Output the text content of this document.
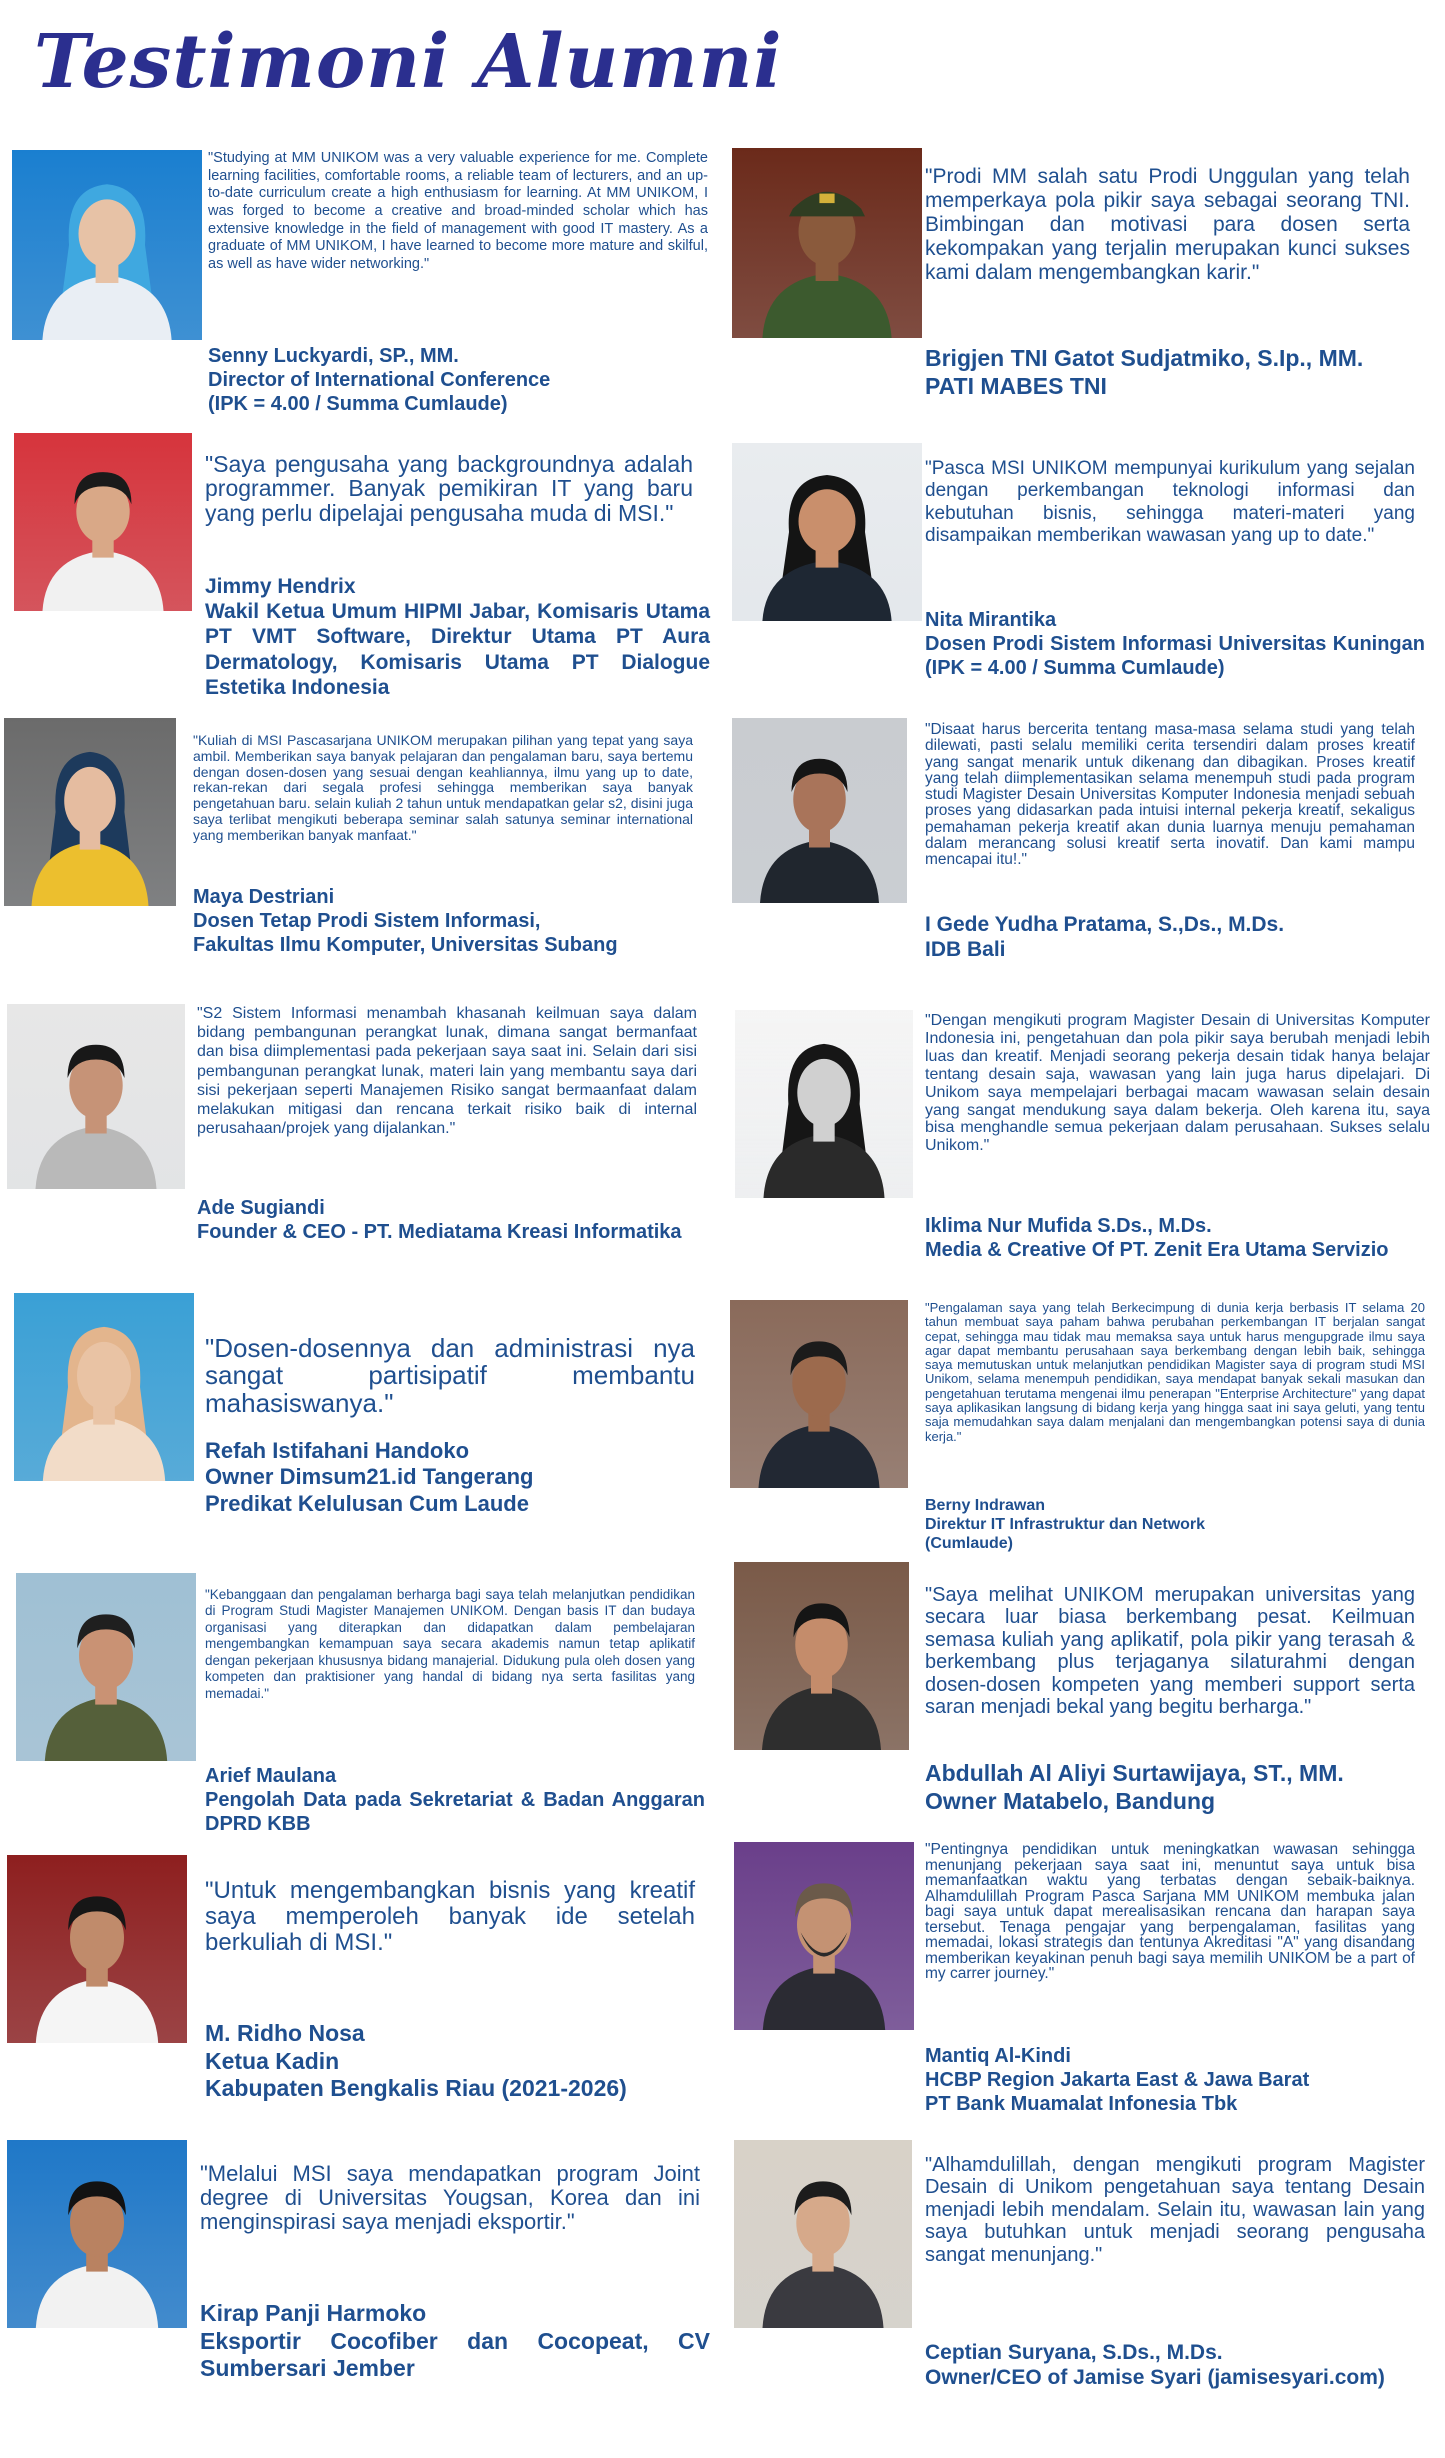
Testimoni Alumni

"Studying at MM UNIKOM was a very valuable experience for me. Complete learning facilities, comfortable rooms, a reliable team of lecturers, and an up-to-date curriculum create a high enthusiasm for learning. At MM UNIKOM, I was forged to become a creative and broad-minded scholar which has extensive knowledge in the field of management with good IT mastery. As a graduate of MM UNIKOM, I have learned to become more mature and skilful, as well as have wider networking."

Senny Luckyardi, SP., MM.
Director of International Conference
(IPK = 4.00 / Summa Cumlaude)

"Prodi MM salah satu Prodi Unggulan yang telah memperkaya pola pikir saya sebagai seorang TNI. Bimbingan dan motivasi para dosen serta kekompakan yang terjalin merupakan kunci sukses kami dalam mengembangkan karir."

Brigjen TNI Gatot Sudjatmiko, S.Ip., MM.
PATI MABES TNI

"Saya pengusaha yang backgroundnya adalah programmer. Banyak pemikiran IT yang baru yang perlu dipelajai pengusaha muda di MSI."

Jimmy Hendrix
Wakil Ketua Umum HIPMI Jabar, Komisaris Utama PT VMT Software, Direktur Utama PT Aura Dermatology, Komisaris Utama PT Dialogue Estetika Indonesia

"Pasca MSI UNIKOM mempunyai kurikulum yang sejalan dengan perkembangan teknologi informasi dan kebutuhan bisnis, sehingga materi-materi yang disampaikan memberikan wawasan yang up to date."

Nita Mirantika
Dosen Prodi Sistem Informasi Universitas Kuningan (IPK = 4.00 / Summa Cumlaude)

"Kuliah di MSI Pascasarjana UNIKOM merupakan pilihan yang tepat yang saya ambil. Memberikan saya banyak pelajaran dan pengalaman baru, saya bertemu dengan dosen-dosen yang sesuai dengan keahliannya, ilmu yang up to date, rekan-rekan dari segala profesi sehingga memberikan saya banyak pengetahuan baru. selain kuliah 2 tahun untuk mendapatkan gelar s2, disini juga saya terlibat mengikuti beberapa seminar salah satunya seminar international yang memberikan banyak manfaat."

Maya Destriani
Dosen Tetap Prodi Sistem Informasi,
Fakultas Ilmu Komputer, Universitas Subang

"Disaat harus bercerita tentang masa-masa selama studi yang telah dilewati, pasti selalu memiliki cerita tersendiri dalam proses kreatif yang sangat menarik untuk dikenang dan dibagikan. Proses kreatif yang telah diimplementasikan selama menempuh studi pada program studi Magister Desain Universitas Komputer Indonesia menjadi sebuah proses yang didasarkan pada intuisi internal pekerja kreatif, sekaligus pemahaman pekerja kreatif akan dunia luarnya menuju pemahaman dalam merancang solusi kreatif serta inovatif. Dan kami mampu mencapai itu!."

I Gede Yudha Pratama, S.,Ds., M.Ds.
IDB Bali

"S2 Sistem Informasi menambah khasanah keilmuan saya dalam bidang pembangunan perangkat lunak, dimana sangat bermanfaat dan bisa diimplementasi pada pekerjaan saya saat ini. Selain dari sisi pembangunan perangkat lunak, materi lain yang membantu saya dari sisi pekerjaan seperti Manajemen Risiko sangat bermaanfaat dalam melakukan mitigasi dan rencana terkait risiko baik di internal perusahaan/projek yang dijalankan."

Ade Sugiandi
Founder & CEO - PT. Mediatama Kreasi Informatika

"Dengan mengikuti program Magister Desain di Universitas Komputer Indonesia ini, pengetahuan dan pola pikir saya berubah menjadi lebih luas dan kreatif. Menjadi seorang pekerja desain tidak hanya belajar tentang desain saja, wawasan yang lain juga harus dipelajari. Di Unikom saya mempelajari berbagai macam wawasan selain desain yang sangat mendukung saya dalam bekerja. Oleh karena itu, saya bisa menghandle semua pekerjaan dalam perusahaan. Sukses selalu Unikom."

Iklima Nur Mufida S.Ds., M.Ds.
Media & Creative Of PT. Zenit Era Utama Servizio

"Dosen-dosennya dan administrasi nya sangat partisipatif membantu mahasiswanya."

Refah Istifahani Handoko
Owner Dimsum21.id Tangerang
Predikat Kelulusan Cum Laude

"Pengalaman saya yang telah Berkecimpung di dunia kerja berbasis IT selama 20 tahun membuat saya paham bahwa perubahan perkembangan IT berjalan sangat cepat, sehingga mau tidak mau memaksa saya untuk harus mengupgrade ilmu saya agar dapat membantu perusahaan saya berkembang dengan lebih baik, sehingga saya memutuskan untuk melanjutkan pendidikan Magister saya di program studi MSI Unikom, selama menempuh pendidikan, saya mendapat banyak sekali masukan dan pengetahuan terutama mengenai ilmu penerapan "Enterprise Architecture" yang dapat saya aplikasikan langsung di bidang kerja yang hingga saat ini saya geluti, yang tentu saja memudahkan saya dalam menjalani dan mengembangkan potensi saya di dunia kerja."

Berny Indrawan
Direktur IT Infrastruktur dan Network
(Cumlaude)

"Kebanggaan dan pengalaman berharga bagi saya telah melanjutkan pendidikan di Program Studi Magister Manajemen UNIKOM. Dengan basis IT dan budaya organisasi yang diterapkan dan didapatkan dalam pembelajaran mengembangkan kemampuan saya secara akademis namun tetap aplikatif dengan pekerjaan khususnya bidang manajerial. Didukung pula oleh dosen yang kompeten dan praktisioner yang handal di bidang nya serta fasilitas yang memadai."

Arief Maulana
Pengolah Data pada Sekretariat & Badan Anggaran DPRD KBB

"Saya melihat UNIKOM merupakan universitas yang secara luar biasa berkembang pesat. Keilmuan semasa kuliah yang aplikatif, pola pikir yang terasah & berkembang plus terjaganya silaturahmi dengan dosen-dosen kompeten yang memberi support serta saran menjadi bekal yang begitu berharga."

Abdullah Al Aliyi Surtawijaya, ST., MM.
Owner Matabelo, Bandung

"Untuk mengembangkan bisnis yang kreatif saya memperoleh banyak ide setelah berkuliah di MSI."

M. Ridho Nosa
Ketua Kadin
Kabupaten Bengkalis Riau (2021-2026)

"Pentingnya pendidikan untuk meningkatkan wawasan sehingga menunjang pekerjaan saya saat ini, menuntut saya untuk bisa memanfaatkan waktu yang terbatas dengan sebaik-baiknya. Alhamdulillah Program Pasca Sarjana MM UNIKOM membuka jalan bagi saya untuk dapat merealisasikan rencana dan harapan saya tersebut. Tenaga pengajar yang berpengalaman, fasilitas yang memadai, lokasi strategis dan tentunya Akreditasi "A" yang disandang memberikan keyakinan penuh bagi saya memilih UNIKOM be a part of my carrer journey."

Mantiq Al-Kindi
HCBP Region Jakarta East & Jawa Barat
PT Bank Muamalat Infonesia Tbk

"Melalui MSI saya mendapatkan program Joint degree di Universitas Yougsan, Korea dan ini menginspirasi saya menjadi eksportir."

Kirap Panji Harmoko
Eksportir Cocofiber dan Cocopeat, CV Sumbersari Jember

"Alhamdulillah, dengan mengikuti program Magister Desain di Unikom pengetahuan saya tentang Desain menjadi lebih mendalam. Selain itu, wawasan lain yang saya butuhkan untuk menjadi seorang pengusaha sangat menunjang."

Ceptian Suryana, S.Ds., M.Ds.
Owner/CEO of Jamise Syari (jamisesyari.com)
